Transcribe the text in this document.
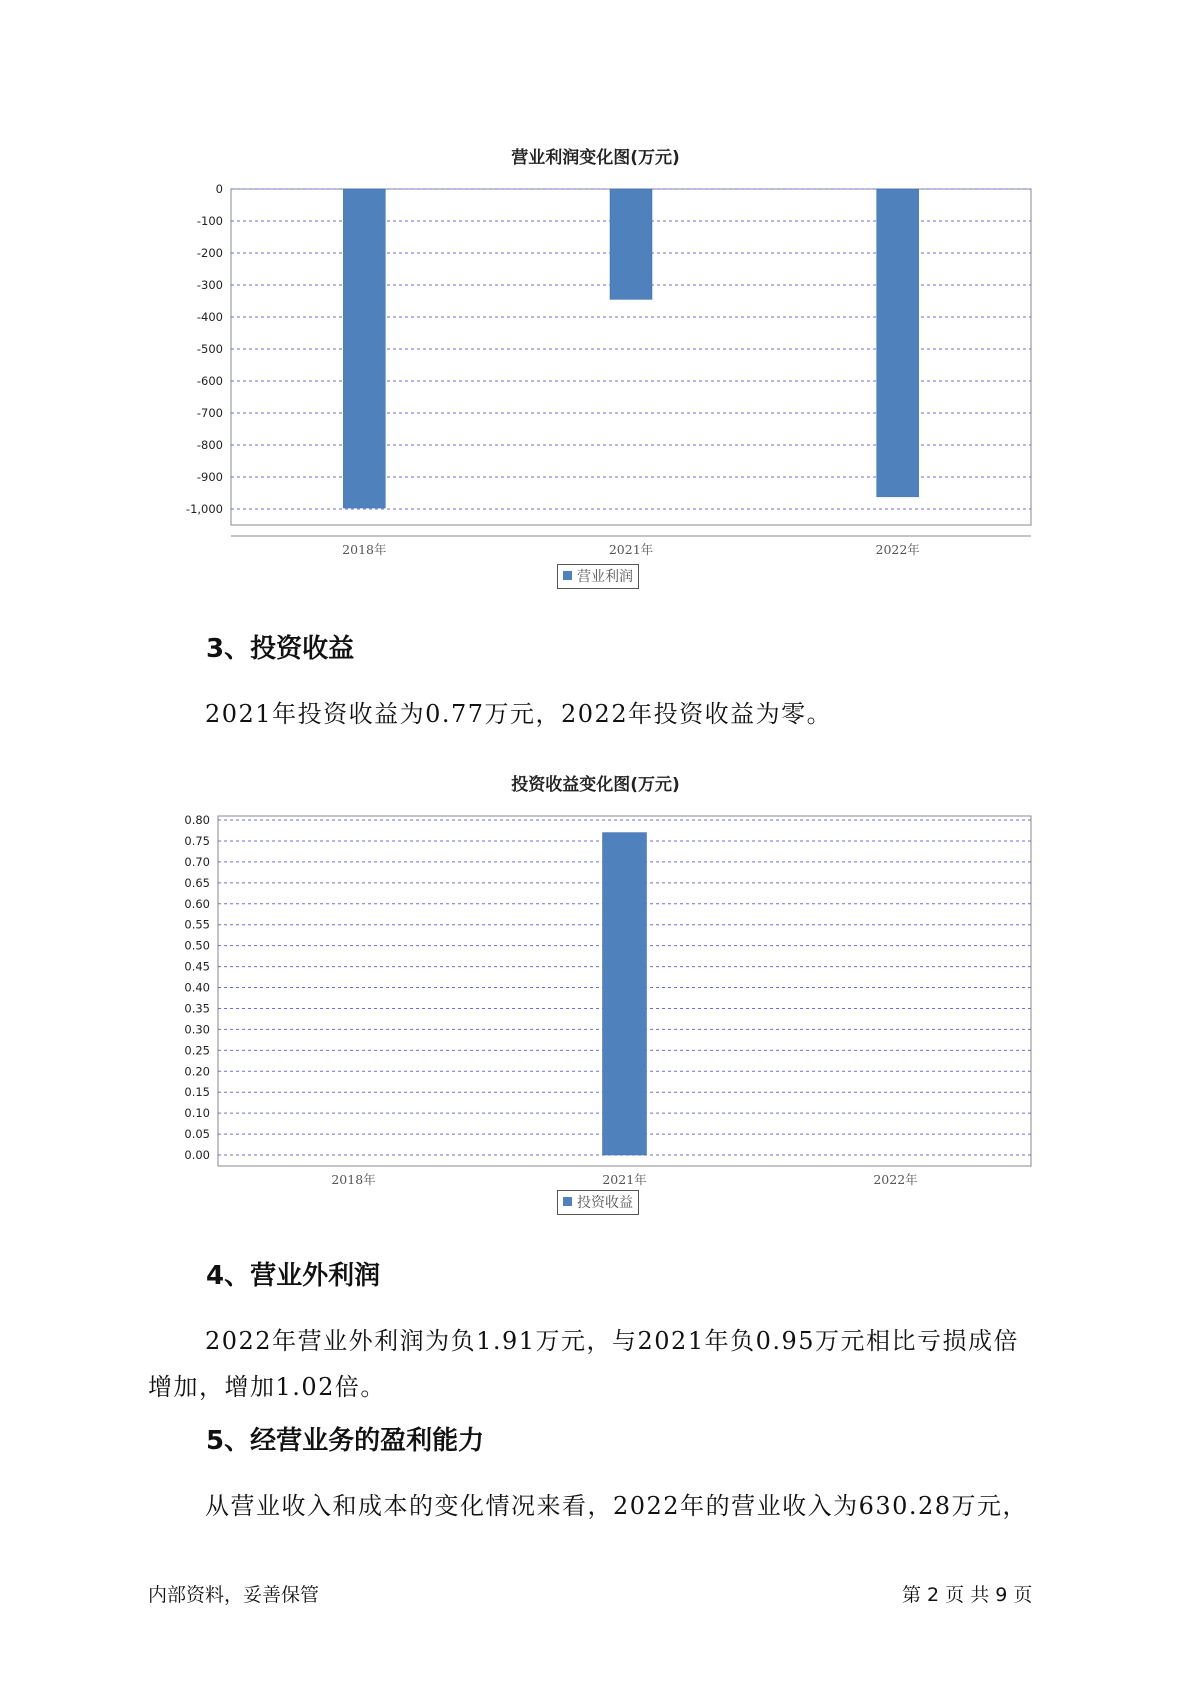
营业利润变化图(万元)
0
-100
-200
-300
-400
-500
-600
-700
-800
-900
-1,000
2018年	2021年	2022年
营业利润
3、投资收益
2021年投资收益为0.77万元，2022年投资收益为零。
投资收益变化图(万元)
0.00
0.05
0.10
0.15
0.20
0.25
0.30
0.35
0.40
0.45
0.50
0.55
0.60
0.65
0.70
0.75
0.80
2018年	2021年	2022年
投资收益
4、营业外利润
2022年营业外利润为负1.91万元，与2021年负0.95万元相比亏损成倍
增加，增加1.02倍。
5、经营业务的盈利能力
从营业收入和成本的变化情况来看，2022年的营业收入为630.28万元，
内部资料，妥善保管	第 2 页 共 9 页
